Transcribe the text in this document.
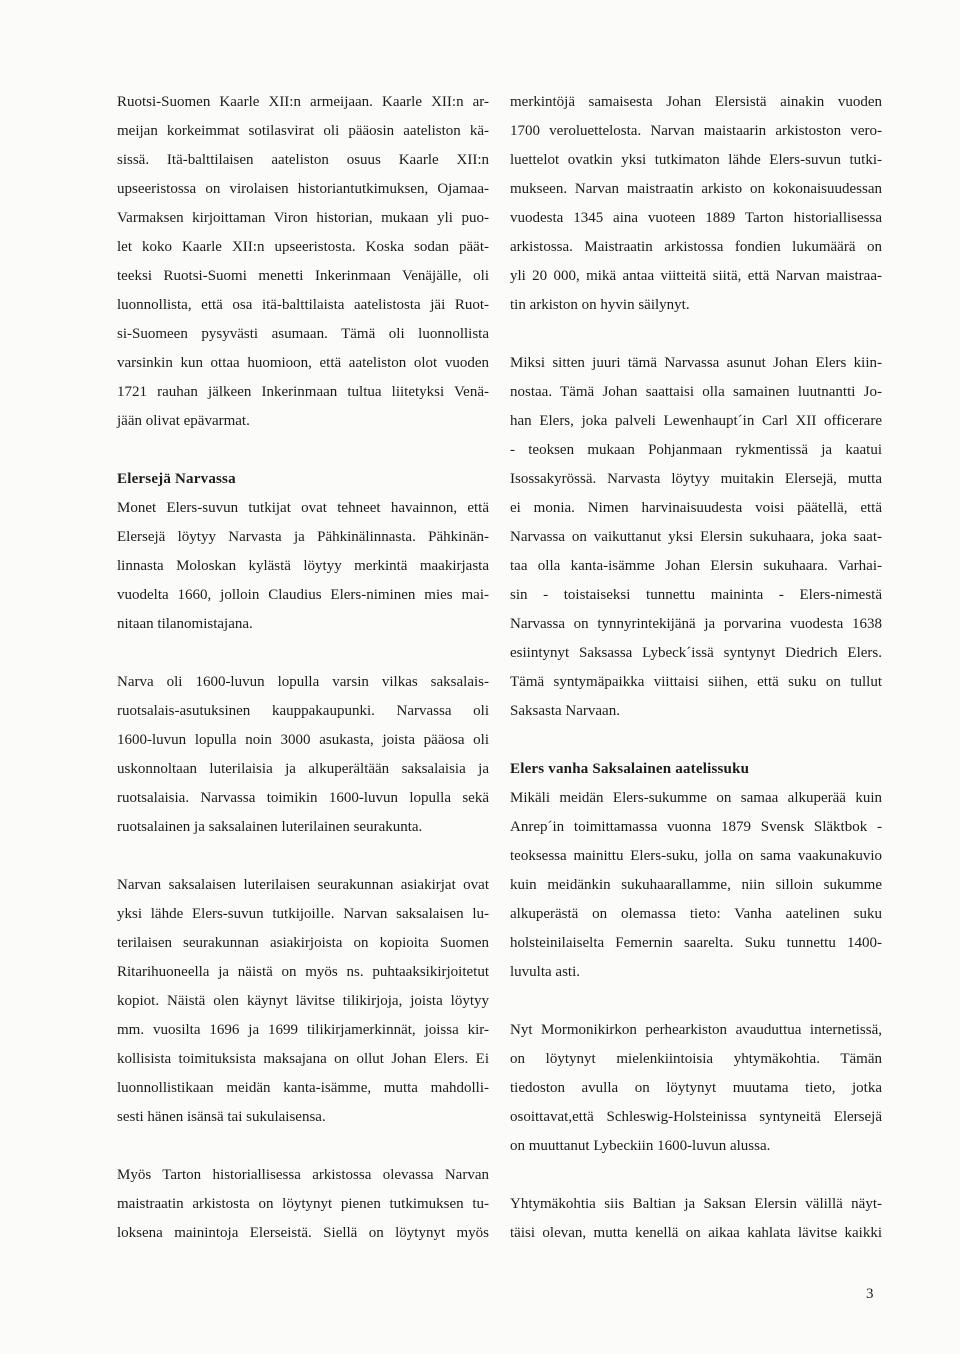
Ruotsi-Suomen Kaarle XII:n armeijaan. Kaarle XII:n ar-
meijan korkeimmat sotilasvirat oli pääosin aateliston kä-
sissä. Itä-balttilaisen aateliston osuus Kaarle XII:n
upseeristossa on virolaisen historiantutkimuksen, Ojamaa-
Varmaksen kirjoittaman Viron historian, mukaan yli puo-
let koko Kaarle XII:n upseeristosta. Koska sodan päät-
teeksi Ruotsi-Suomi menetti Inkerinmaan Venäjälle, oli
luonnollista, että osa itä-balttilaista aatelistosta jäi Ruot-
si-Suomeen pysyvästi asumaan. Tämä oli luonnollista
varsinkin kun ottaa huomioon, että aateliston olot vuoden
1721 rauhan jälkeen Inkerinmaan tultua liitetyksi Venä-
jään olivat epävarmat.
Elersejä Narvassa
Monet Elers-suvun tutkijat ovat tehneet havainnon, että
Elersejä löytyy Narvasta ja Pähkinälinnasta. Pähkinän-
linnasta Moloskan kylästä löytyy merkintä maakirjasta
vuodelta 1660, jolloin Claudius Elers-niminen mies mai-
nitaan tilanomistajana.
Narva oli 1600-luvun lopulla varsin vilkas saksalais-
ruotsalais-asutuksinen kauppakaupunki. Narvassa oli
1600-luvun lopulla noin 3000 asukasta, joista pääosa oli
uskonnoltaan luterilaisia ja alkuperältään saksalaisia ja
ruotsalaisia. Narvassa toimikin 1600-luvun lopulla sekä
ruotsalainen ja saksalainen luterilainen seurakunta.
Narvan saksalaisen luterilaisen seurakunnan asiakirjat ovat
yksi lähde Elers-suvun tutkijoille. Narvan saksalaisen lu-
terilaisen seurakunnan asiakirjoista on kopioita Suomen
Ritarihuoneella ja näistä on myös ns. puhtaaksikirjoitetut
kopiot. Näistä olen käynyt lävitse tilikirjoja, joista löytyy
mm. vuosilta 1696 ja 1699 tilikirjamerkinnät, joissa kir-
kollisista toimituksista maksajana on ollut Johan Elers. Ei
luonnollistikaan meidän kanta-isämme, mutta mahdolli-
sesti hänen isänsä tai sukulaisensa.
Myös Tarton historiallisessa arkistossa olevassa Narvan
maistraatin arkistosta on löytynyt pienen tutkimuksen tu-
loksena mainintoja Elerseistä. Siellä on löytynyt myös
merkintöjä samaisesta Johan Elersistä ainakin vuoden
1700 veroluettelosta. Narvan maistaarin arkistoston vero-
luettelot ovatkin yksi tutkimaton lähde Elers-suvun tutki-
mukseen. Narvan maistraatin arkisto on kokonaisuudessan
vuodesta 1345 aina vuoteen 1889 Tarton historiallisessa
arkistossa. Maistraatin arkistossa fondien lukumäärä on
yli 20 000, mikä antaa viitteitä siitä, että Narvan maistraa-
tin arkiston on hyvin säilynyt.
Miksi sitten juuri tämä Narvassa asunut Johan Elers kiin-
nostaa. Tämä Johan saattaisi olla samainen luutnantti Jo-
han Elers, joka palveli Lewenhaupt´in Carl XII officerare
- teoksen mukaan Pohjanmaan rykmentissä ja kaatui
Isossakyrössä. Narvasta löytyy muitakin Elersejä, mutta
ei monia. Nimen harvinaisuudesta voisi päätellä, että
Narvassa on vaikuttanut yksi Elersin sukuhaara, joka saat-
taa olla kanta-isämme Johan Elersin sukuhaara. Varhai-
sin - toistaiseksi tunnettu maininta - Elers-nimestä
Narvassa on tynnyrintekijänä ja porvarina vuodesta 1638
esiintynyt Saksassa Lybeck´issä syntynyt Diedrich Elers.
Tämä syntymäpaikka viittaisi siihen, että suku on tullut
Saksasta Narvaan.
Elers vanha Saksalainen aatelissuku
Mikäli meidän Elers-sukumme on samaa alkuperää kuin
Anrep´in toimittamassa vuonna 1879 Svensk Släktbok -
teoksessa mainittu Elers-suku, jolla on sama vaakunakuvio
kuin meidänkin sukuhaarallamme, niin silloin sukumme
alkuperästä on olemassa tieto: Vanha aatelinen suku
holsteinilaiselta Femernin saarelta. Suku tunnettu 1400-
luvulta asti.
Nyt Mormonikirkon perhearkiston avauduttua internetissä,
on löytynyt mielenkiintoisia yhtymäkohtia. Tämän
tiedoston avulla on löytynyt muutama tieto, jotka
osoittavat,että Schleswig-Holsteinissa syntyneitä Elersejä
on muuttanut Lybeckiin 1600-luvun alussa.
Yhtymäkohtia siis Baltian ja Saksan Elersin välillä näyt-
täisi olevan, mutta kenellä on aikaa kahlata lävitse kaikki
3
